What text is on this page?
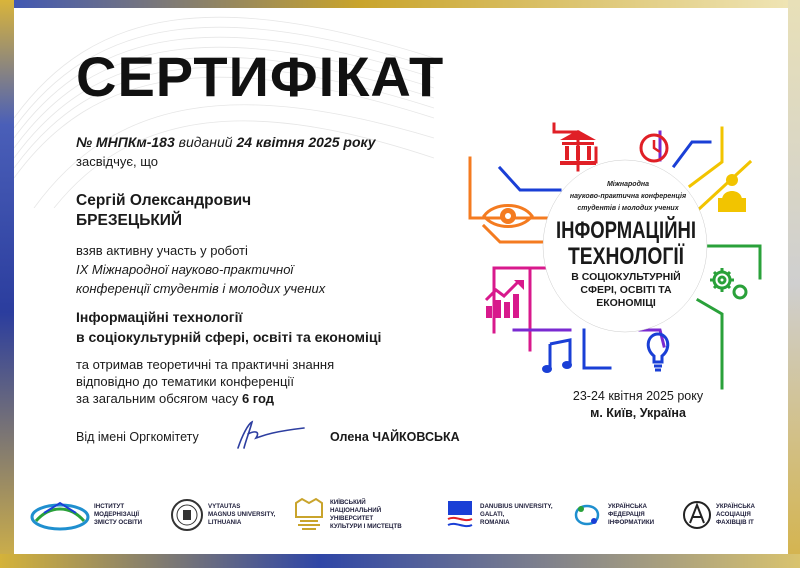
СЕРТИФІКАТ
№ МНПКм-183 виданий 24 квітня 2025 року
засвідчує, що
Сергій Олександрович
БРЕЗЕЦЬКИЙ
взяв активну участь у роботі
IX Міжнародної науково-практичної
конференції студентів і молодих учених
Інформаційні технології
в соціокультурній сфері, освіті та економіці
та отримав теоретичні та практичні знання
відповідно до тематики конференції
за загальним обсягом часу 6 год
Від імені Оргкомітету	Олена ЧАЙКОВСЬКА
Міжнародна
науково-практична конференція
студентів і молодих учених
ІНФОРМАЦІЙНІ
ТЕХНОЛОГІЇ
В СОЦІОКУЛЬТУРНІЙ
СФЕРІ, ОСВІТІ ТА
ЕКОНОМІЦІ
23-24 квітня 2025 року
м. Київ, Україна
ІНСТИТУТ
МОДЕРНІЗАЦІЇ
ЗМІСТУ ОСВІТИ
VYTAUTAS
MAGNUS UNIVERSITY,
LITHUANIA
КИЇВСЬКИЙ НАЦІОНАЛЬНИЙ
УНІВЕРСИТЕТ
КУЛЬТУРИ І МИСТЕЦТВ
DANUBIUS UNIVERSITY,
GALATI,
ROMANIA
УКРАЇНСЬКА
ФЕДЕРАЦІЯ
ІНФОРМАТИКИ
УКРАЇНСЬКА
АСОЦІАЦІЯ
ФАХІВЦІВ ІТ
